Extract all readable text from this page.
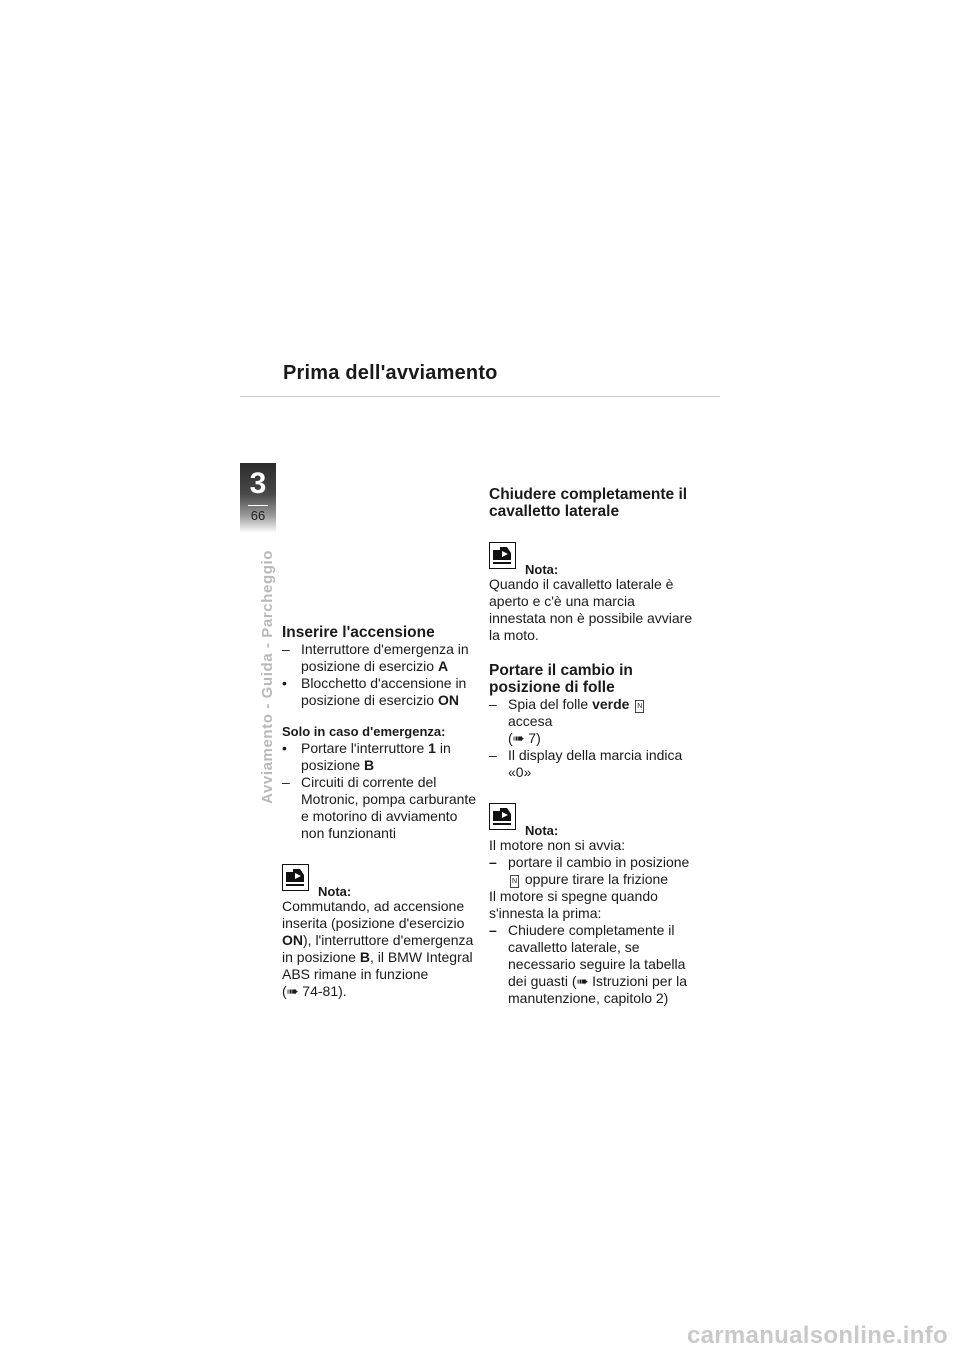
Prima dell'avviamento
3
66
Avviamento - Guida - Parcheggio Inserire l'accensione
– Interruttore d'emergenza in posizione di esercizio A
•	Blocchetto d'accensione in posizione di esercizio ON

Solo in caso d'emergenza:

•	Portare l'interruttore 1 in posizione B
– Circuiti di corrente del Motronic, pompa carburante e motorino di avviamento non funzionanti
Nota:

Commutando, ad accensione inserita (posizione d'esercizio ON), l'interruttore d'emergenza in posizione B, il BMW Integral ABS rimane in funzione
(➠ 74-81).

Chiudere completamente il cavalletto laterale
Nota:

Quando il cavalletto laterale è aperto e c'è una marcia innestata non è possibile avviare la moto.

Portare il cambio in posizione di folle
– Spia del folle verde N accesa
(➠ 7)
– Il display della marcia indica «0»
Nota:

Il motore non si avvia:

– portare il cambio in posizione N oppure tirare la frizione

Il motore si spegne quando s'innesta la prima:

– Chiudere completamente il cavalletto laterale, se necessario seguire la tabella dei guasti (➠ Istruzioni per la manutenzione, capitolo 2)
carmanualsonline.info
